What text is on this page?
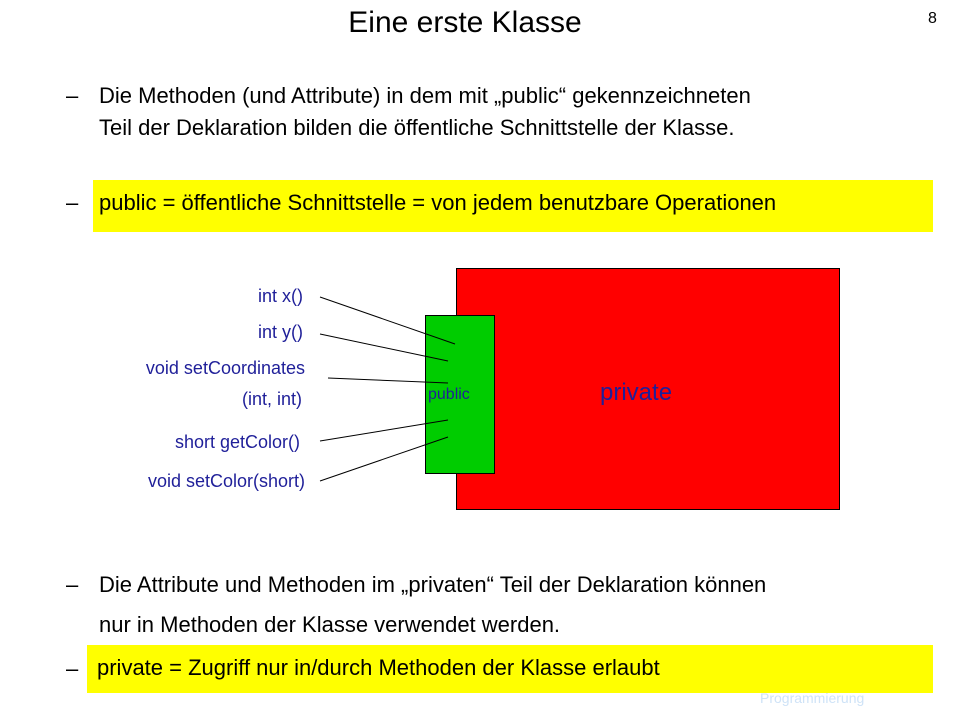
Eine erste Klasse	8
– Die Methoden (und Attribute) in dem mit „public“ gekennzeichneten
Teil der Deklaration bilden die öffentliche Schnittstelle der Klasse.
– public = öffentliche Schnittstelle = von jedem benutzbare Operationen
private
public
int x()
int y()
void setCoordinates
(int, int)
short getColor()
void setColor(short)
– Die Attribute und Methoden im „privaten“ Teil der Deklaration können
nur in Methoden der Klasse verwendet werden.
– private = Zugriff nur in/durch Methoden der Klasse erlaubt
Programmierung
